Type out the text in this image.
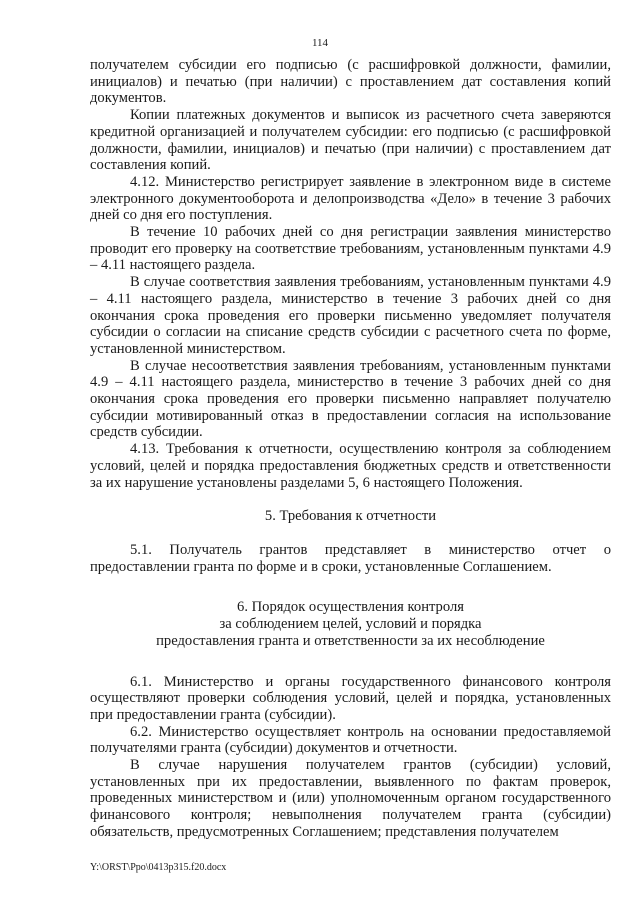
114

получателем субсидии его подписью (с расшифровкой должности, фамилии, инициалов) и печатью (при наличии) с проставлением дат составления копий документов.

Копии платежных документов и выписок из расчетного счета заверяются кредитной организацией и получателем субсидии: его подписью (с расшифровкой должности, фамилии, инициалов) и печатью (при наличии) с проставлением дат составления копий.

4.12. Министерство регистрирует заявление в электронном виде в системе электронного документооборота и делопроизводства «Дело» в течение 3 рабочих дней со дня его поступления.

В течение 10 рабочих дней со дня регистрации заявления министерство проводит его проверку на соответствие требованиям, установленным пунктами 4.9 – 4.11 настоящего раздела.

В случае соответствия заявления требованиям, установленным пунктами 4.9 – 4.11 настоящего раздела, министерство в течение 3 рабочих дней со дня окончания срока проведения его проверки письменно уведомляет получателя субсидии о согласии на списание средств субсидии с расчетного счета по форме, установленной министерством.

В случае несоответствия заявления требованиям, установленным пунктами 4.9 – 4.11 настоящего раздела, министерство в течение 3 рабочих дней со дня окончания срока проведения его проверки письменно направляет получателю субсидии мотивированный отказ в предоставлении согласия на использование средств субсидии.

4.13. Требования к отчетности, осуществлению контроля за соблюдением условий, целей и порядка предоставления бюджетных средств и ответственности за их нарушение установлены разделами 5, 6 настоящего Положения.

5. Требования к отчетности

5.1. Получатель грантов представляет в министерство отчет о предоставлении гранта по форме и в сроки, установленные Соглашением.

6. Порядок осуществления контроля
за соблюдением целей, условий и порядка
предоставления гранта и ответственности за их несоблюдение

6.1. Министерство и органы государственного финансового контроля осуществляют проверки соблюдения условий, целей и порядка, установленных при предоставлении гранта (субсидии).

6.2. Министерство осуществляет контроль на основании предоставляемой получателями гранта (субсидии) документов и отчетности.

В случае нарушения получателем грантов (субсидии) условий, установленных при их предоставлении, выявленного по фактам проверок, проведенных министерством и (или) уполномоченным органом государственного финансового контроля; невыполнения получателем гранта (субсидии) обязательств, предусмотренных Соглашением; представления получателем

Y:\ORST\Ppo\0413p315.f20.docx
